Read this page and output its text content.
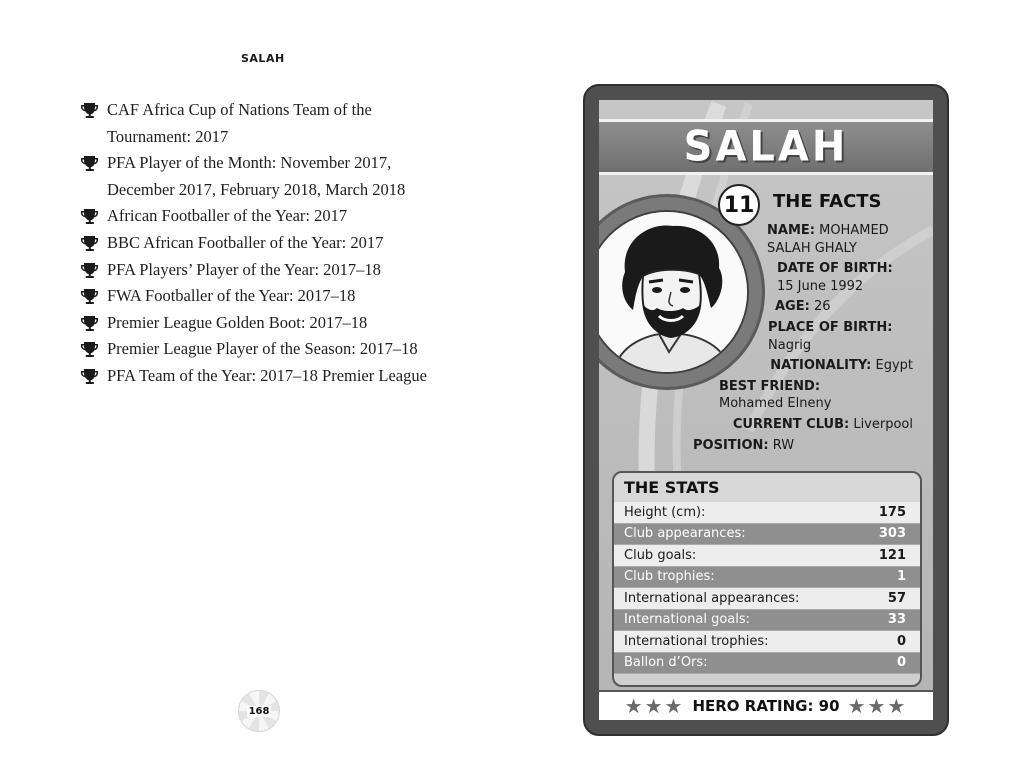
SALAH
CAF Africa Cup of Nations Team of the
Tournament: 2017
PFA Player of the Month: November 2017,
December 2017, February 2018, March 2018
African Footballer of the Year: 2017
BBC African Footballer of the Year: 2017
PFA Players’ Player of the Year: 2017–18
FWA Footballer of the Year: 2017–18
Premier League Golden Boot: 2017–18
Premier League Player of the Season: 2017–18
PFA Team of the Year: 2017–18 Premier League
168
SALAH
11	THE FACTS
NAME: MOHAMED
SALAH GHALY
DATE OF BIRTH:
15 June 1992
AGE: 26
PLACE OF BIRTH:
Nagrig
NATIONALITY: Egypt
BEST FRIEND:
Mohamed Elneny
CURRENT CLUB: Liverpool
POSITION: RW
THE STATS
Height (cm):	175
Club appearances:	303
Club goals:	121
Club trophies:	1
International appearances:	57
International goals:	33
International trophies:	0
Ballon d’Ors:	0
★★★ HERO RATING: 90 ★★★
